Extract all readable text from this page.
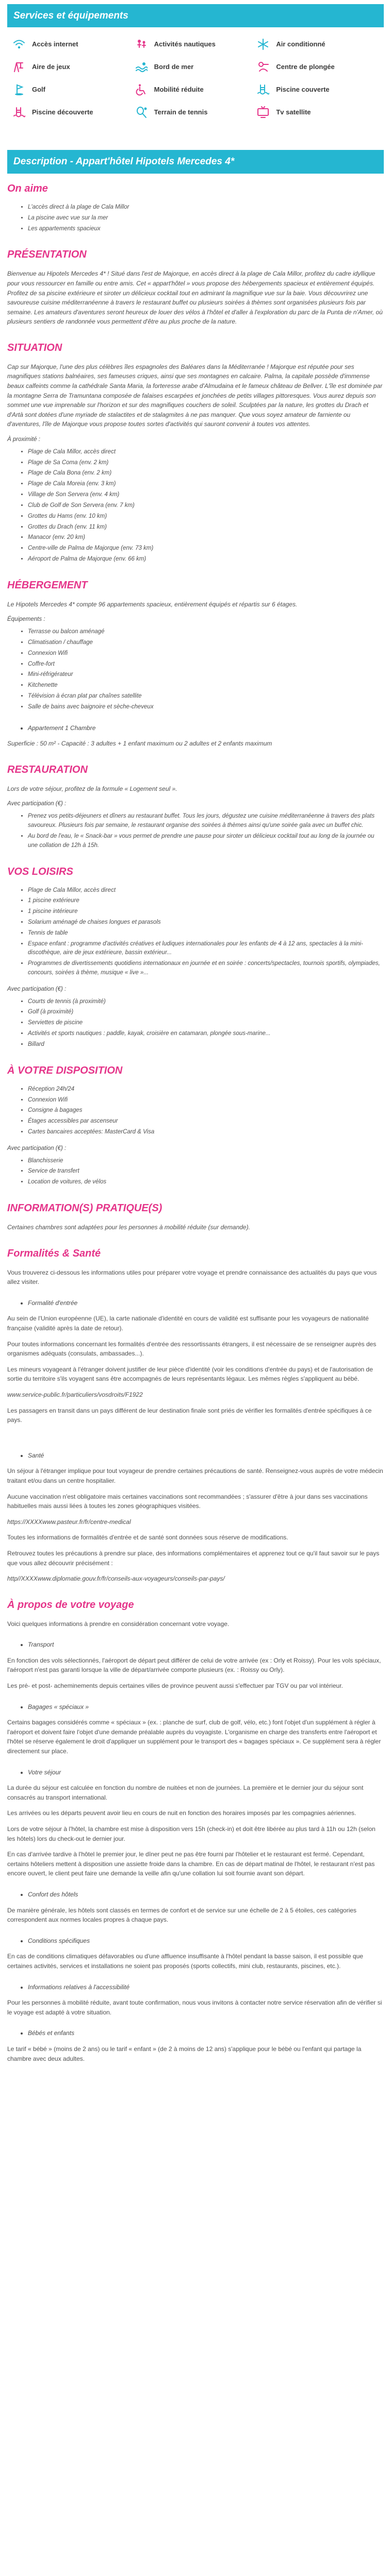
Services et équipements
Accès internet	Activités nautiques	Air conditionné
Aire de jeux	Bord de mer	Centre de plongée
Golf	Mobilité réduite	Piscine couverte
Piscine découverte	Terrain de tennis	Tv satellite
Description - Appart'hôtel Hipotels Mercedes 4*
On aime
• L'accès direct à la plage de Cala Millor
• La piscine avec vue sur la mer
• Les appartements spacieux
PRÉSENTATION

Bienvenue au Hipotels Mercedes 4* ! Situé dans l'est de Majorque, en accès direct à la plage de Cala Millor, profitez du cadre idyllique pour vous ressourcer en famille ou entre amis. Cet « appart'hôtel » vous propose des hébergements spacieux et entièrement équipés. Profitez de sa piscine extérieure et siroter un délicieux cocktail tout en admirant la magnifique vue sur la baie. Vous découvrirez une savoureuse cuisine méditerranéenne à travers le restaurant buffet ou plusieurs soirées à thèmes sont organisées plusieurs fois par semaine. Les amateurs d'aventures seront heureux de louer des vélos à l'hôtel et d'aller à l'exploration du parc de la Punta de n'Amer, où plusieurs sentiers de randonnée vous permettent d'être au plus proche de la nature.

SITUATION

Cap sur Majorque, l'une des plus célèbres îles espagnoles des Baléares dans la Méditerranée ! Majorque est réputée pour ses magnifiques stations balnéaires, ses fameuses criques, ainsi que ses montagnes en calcaire. Palma, la capitale possède d'immense beaux calfeints comme la cathédrale Santa Maria, la forteresse arabe d'Almudaina et le fameux château de Bellver. L'île est dominée par la montagne Serra de Tramuntana composée de falaises escarpées et jonchées de petits villages pittoresques. Vous aurez depuis son sommet une vue imprenable sur l'horizon et sur des magnifiques couchers de soleil. Sculptées par la nature, les grottes du Drach et d'Artà sont dotées d'une myriade de stalactites et de stalagmites à ne pas manquer. Que vous soyez amateur de farniente ou d'aventures, l'île de Majorque vous propose toutes sortes d'activités qui sauront convenir à toutes vos attentes.

À proximité :

• Plage de Cala Millor, accès direct
• Plage de Sa Coma (env. 2 km)
• Plage de Cala Bona (env. 2 km)
• Plage de Cala Moreia (env. 3 km)
• Village de Son Servera (env. 4 km)
• Club de Golf de Son Servera (env. 7 km)
• Grottes du Hams (env. 10 km)
• Grottes du Drach (env. 11 km)
• Manacor (env. 20 km)
• Centre-ville de Palma de Majorque (env. 73 km)
• Aéroport de Palma de Majorque (env. 66 km)
HÉBERGEMENT

Le Hipotels Mercedes 4* compte 96 appartements spacieux, entièrement équipés et répartis sur 6 étages.

Équipements :

• Terrasse ou balcon aménagé
• Climatisation / chauffage
• Connexion Wifi
• Coffre-fort
• Mini-réfrigérateur
• Kitchenette
• Télévision à écran plat par chaînes satellite
• Salle de bains avec baignoire et sèche-cheveux
Appartement 1 Chambre

Superficie : 50 m² - Capacité : 3 adultes + 1 enfant maximum ou 2 adultes et 2 enfants maximum

RESTAURATION

Lors de votre séjour, profitez de la formule « Logement seul ».

Avec participation (€) :

• Prenez vos petits-déjeuners et dîners au restaurant buffet. Tous les jours, dégustez une cuisine méditerranéenne à travers des plats savoureux. Plusieurs fois par semaine, le restaurant organise des soirées à thèmes ainsi qu'une soirée gala avec un buffet chic.
• Au bord de l'eau, le « Snack-bar » vous permet de prendre une pause pour siroter un délicieux cocktail tout au long de la journée ou une collation de 12h à 15h.
VOS LOISIRS
• Plage de Cala Millor, accès direct
• 1 piscine extérieure
• 1 piscine intérieure
• Solarium aménagé de chaises longues et parasols
• Tennis de table
• Espace enfant : programme d'activités créatives et ludiques internationales pour les enfants de 4 à 12 ans, spectacles à la mini-discothèque, aire de jeux extérieure, bassin extérieur...
• Programmes de divertissements quotidiens internationaux en journée et en soirée : concerts/spectacles, tournois sportifs, olympiades, concours, soirées à thème, musique « live »...

Avec participation (€) :

• Courts de tennis (à proximité)
• Golf (à proximité)
• Serviettes de piscine
• Activités et sports nautiques : paddle, kayak, croisière en catamaran, plongée sous-marine...
• Billard
À VOTRE DISPOSITION
• Réception 24h/24
• Connexion Wifi
• Consigne à bagages
• Étages accessibles par ascenseur
• Cartes bancaires acceptées: MasterCard & Visa

Avec participation (€) :

• Blanchisserie
• Service de transfert
• Location de voitures, de vélos
INFORMATION(S) PRATIQUE(S)

Certaines chambres sont adaptées pour les personnes à mobilité réduite (sur demande).

Formalités & Santé

Vous trouverez ci-dessous les informations utiles pour préparer votre voyage et prendre connaissance des actualités du pays que vous allez visiter.

Formalité d'entrée

Au sein de l'Union européenne (UE), la carte nationale d'identité en cours de validité est suffisante pour les voyageurs de nationalité française (validité après la date de retour).

Pour toutes informations concernant les formalités d'entrée des ressortissants étrangers, il est nécessaire de se renseigner auprès des organismes adéquats (consulats, ambassades...).

Les mineurs voyageant à l'étranger doivent justifier de leur pièce d'identité (voir les conditions d'entrée du pays) et de l'autorisation de sortie du territoire s'ils voyagent sans être accompagnés de leurs représentants légaux. Les mêmes règles s'appliquent au bébé.

www.service-public.fr/particuliers/vosdroits/F1922

Les passagers en transit dans un pays différent de leur destination finale sont priés de vérifier les formalités d'entrée spécifiques à ce pays.

Santé

Un séjour à l'étranger implique pour tout voyageur de prendre certaines précautions de santé. Renseignez-vous auprès de votre médecin traitant et/ou dans un centre hospitalier.

Aucune vaccination n'est obligatoire mais certaines vaccinations sont recommandées ; s'assurer d'être à jour dans ses vaccinations habituelles mais aussi liées à toutes les zones géographiques visitées.

https://XXXXwww.pasteur.fr/fr/centre-medical

Toutes les informations de formalités d'entrée et de santé sont données sous réserve de modifications.

Retrouvez toutes les précautions à prendre sur place, des informations complémentaires et apprenez tout ce qu'il faut savoir sur le pays que vous allez découvrir précisément :

http//XXXXwww.diplomatie.gouv.fr/fr/conseils-aux-voyageurs/conseils-par-pays/

À propos de votre voyage

Voici quelques informations à prendre en considération concernant votre voyage.

Transport

En fonction des vols sélectionnés, l'aéroport de départ peut différer de celui de votre arrivée (ex : Orly et Roissy). Pour les vols spéciaux, l'aéroport n'est pas garanti lorsque la ville de départ/arrivée comporte plusieurs (ex. : Roissy ou Orly).

Les pré- et post- acheminements depuis certaines villes de province peuvent aussi s'effectuer par TGV ou par vol intérieur.

Bagages « spéciaux »

Certains bagages considérés comme « spéciaux » (ex. : planche de surf, club de golf, vélo, etc.) font l'objet d'un supplément à régler à l'aéroport et doivent faire l'objet d'une demande préalable auprès du voyagiste. L'organisme en charge des transferts entre l'aéroport et l'hôtel se réserve également le droit d'appliquer un supplément pour le transport des « bagages spéciaux ». Ce supplément sera à régler directement sur place.

Votre séjour

La durée du séjour est calculée en fonction du nombre de nuitées et non de journées. La première et le dernier jour du séjour sont consacrés au transport international.

Les arrivées ou les départs peuvent avoir lieu en cours de nuit en fonction des horaires imposés par les compagnies aériennes.

Lors de votre séjour à l'hôtel, la chambre est mise à disposition vers 15h (check-in) et doit être libérée au plus tard à 11h ou 12h (selon les hôtels) lors du check-out le dernier jour.

En cas d'arrivée tardive à l'hôtel le premier jour, le dîner peut ne pas être fourni par l'hôtelier et le restaurant est fermé. Cependant, certains hôteliers mettent à disposition une assiette froide dans la chambre. En cas de départ matinal de l'hôtel, le restaurant n'est pas encore ouvert, le client peut faire une demande la veille afin qu'une collation lui soit fournie avant son départ.

Confort des hôtels

De manière générale, les hôtels sont classés en termes de confort et de service sur une échelle de 2 à 5 étoiles, ces catégories correspondent aux normes locales propres à chaque pays.

Conditions spécifiques

En cas de conditions climatiques défavorables ou d'une affluence insuffisante à l'hôtel pendant la basse saison, il est possible que certaines activités, services et installations ne soient pas proposés (sports collectifs, mini club, restaurants, piscines, etc.).

Informations relatives à l'accessibilité

Pour les personnes à mobilité réduite, avant toute confirmation, nous vous invitons à contacter notre service réservation afin de vérifier si le voyage est adapté à votre situation.

Bébés et enfants

Le tarif « bébé » (moins de 2 ans) ou le tarif « enfant » (de 2 à moins de 12 ans) s'applique pour le bébé ou l'enfant qui partage la chambre avec deux adultes.
